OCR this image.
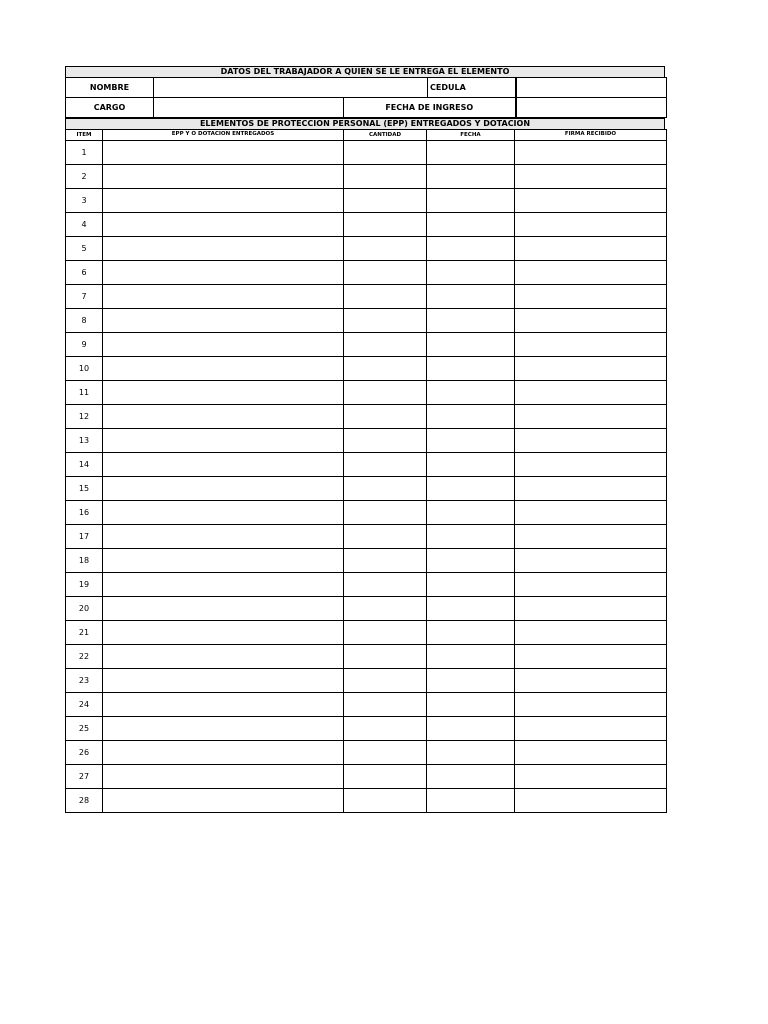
DATOS DEL TRABAJADOR A QUIEN SE LE ENTREGA EL ELEMENTO
NOMBRE			CEDULA	
CARGO		FECHA DE INGRESO		
ELEMENTOS DE PROTECCION PERSONAL (EPP) ENTREGADOS Y DOTACION
ITEM	EPP Y O DOTACION ENTREGADOS	CANTIDAD	FECHA	FIRMA RECIBIDO
1				
2				
3				
4				
5				
6				
7				
8				
9				
10				
11				
12				
13				
14				
15				
16				
17				
18				
19				
20				
21				
22				
23				
24				
25				
26				
27				
28				
